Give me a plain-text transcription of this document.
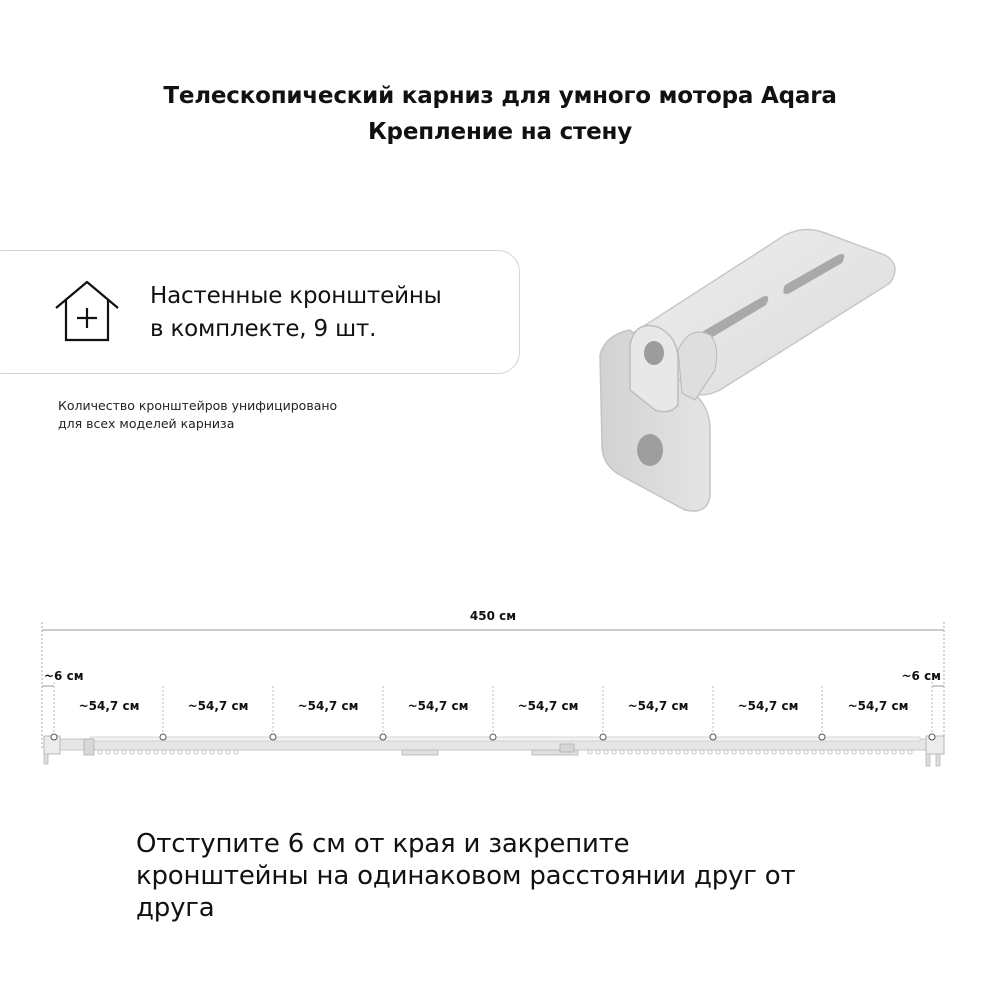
Телескопический карниз для умного мотора Aqara
Крепление на стену
Настенные кронштейны
в комплекте, 9 шт.
Количество кронштейров унифицировано
для всех моделей карниза
450 см
~6 см	~6 см
~54,7 см	~54,7 см	~54,7 см	~54,7 см	~54,7 см	~54,7 см	~54,7 см	~54,7 см
Отступите 6 см от края и закрепите
кронштейны на одинаковом расстоянии друг от
друга
